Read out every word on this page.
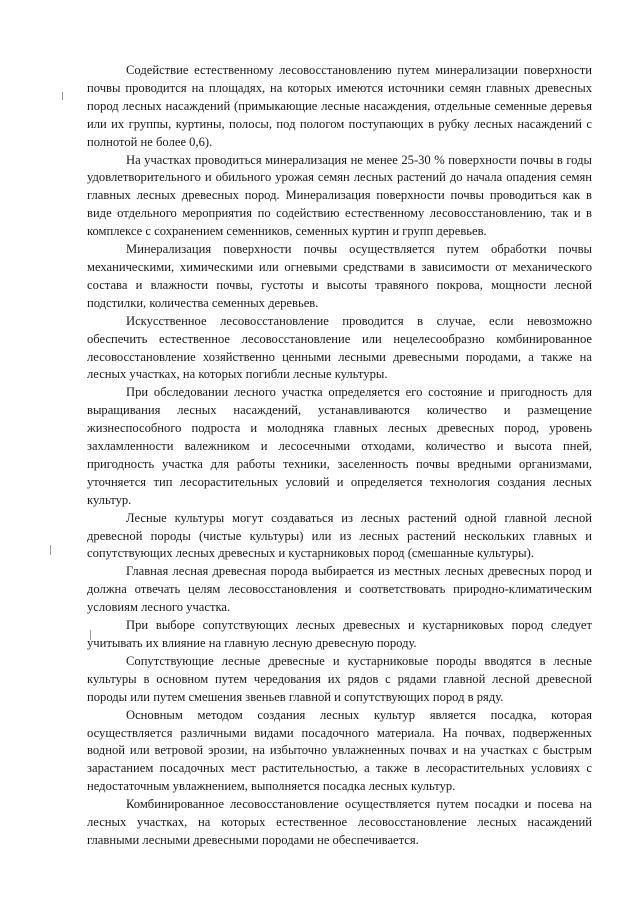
Содействие естественному лесовосстановлению путем минерализации поверхности почвы проводится на площадях, на которых имеются источники семян главных древесных пород лесных насаждений (примыкающие лесные насаждения, отдельные семенные деревья или их группы, куртины, полосы, под пологом поступающих в рубку лесных насаждений с полнотой не более 0,6).

На участках проводиться минерализация не менее 25-30 % поверхности почвы в годы удовлетворительного и обильного урожая семян лесных растений до начала опадения семян главных лесных древесных пород. Минерализация поверхности почвы проводиться как в виде отдельного мероприятия по содействию естественному лесовосстановлению, так и в комплексе с сохранением семенников, семенных куртин и групп деревьев.

Минерализация поверхности почвы осуществляется путем обработки почвы механическими, химическими или огневыми средствами в зависимости от механического состава и влажности почвы, густоты и высоты травяного покрова, мощности лесной подстилки, количества семенных деревьев.

Искусственное лесовосстановление проводится в случае, если невозможно обеспечить естественное лесовосстановление или нецелесообразно комбинированное лесовосстановление хозяйственно ценными лесными древесными породами, а также на лесных участках, на которых погибли лесные культуры.

При обследовании лесного участка определяется его состояние и пригодность для выращивания лесных насаждений, устанавливаются количество и размещение жизнеспособного подроста и молодняка главных лесных древесных пород, уровень захламленности валежником и лесосечными отходами, количество и высота пней, пригодность участка для работы техники, заселенность почвы вредными организмами, уточняется тип лесорастительных условий и определяется технология создания лесных культур.

Лесные культуры могут создаваться из лесных растений одной главной лесной древесной породы (чистые культуры) или из лесных растений нескольких главных и сопутствующих лесных древесных и кустарниковых пород (смешанные культуры).

Главная лесная древесная порода выбирается из местных лесных древесных пород и должна отвечать целям лесовосстановления и соответствовать природно-климатическим условиям лесного участка.

При выборе сопутствующих лесных древесных и кустарниковых пород следует учитывать их влияние на главную лесную древесную породу.

Сопутствующие лесные древесные и кустарниковые породы вводятся в лесные культуры в основном путем чередования их рядов с рядами главной лесной древесной породы или путем смешения звеньев главной и сопутствующих пород в ряду.

Основным методом создания лесных культур является посадка, которая осуществляется различными видами посадочного материала. На почвах, подверженных водной или ветровой эрозии, на избыточно увлажненных почвах и на участках с быстрым зарастанием посадочных мест растительностью, а также в лесорастительных условиях с недостаточным увлажнением, выполняется посадка лесных культур.

Комбинированное лесовосстановление осуществляется путем посадки и посева на лесных участках, на которых естественное лесовосстановление лесных насаждений главными лесными древесными породами не обеспечивается.
